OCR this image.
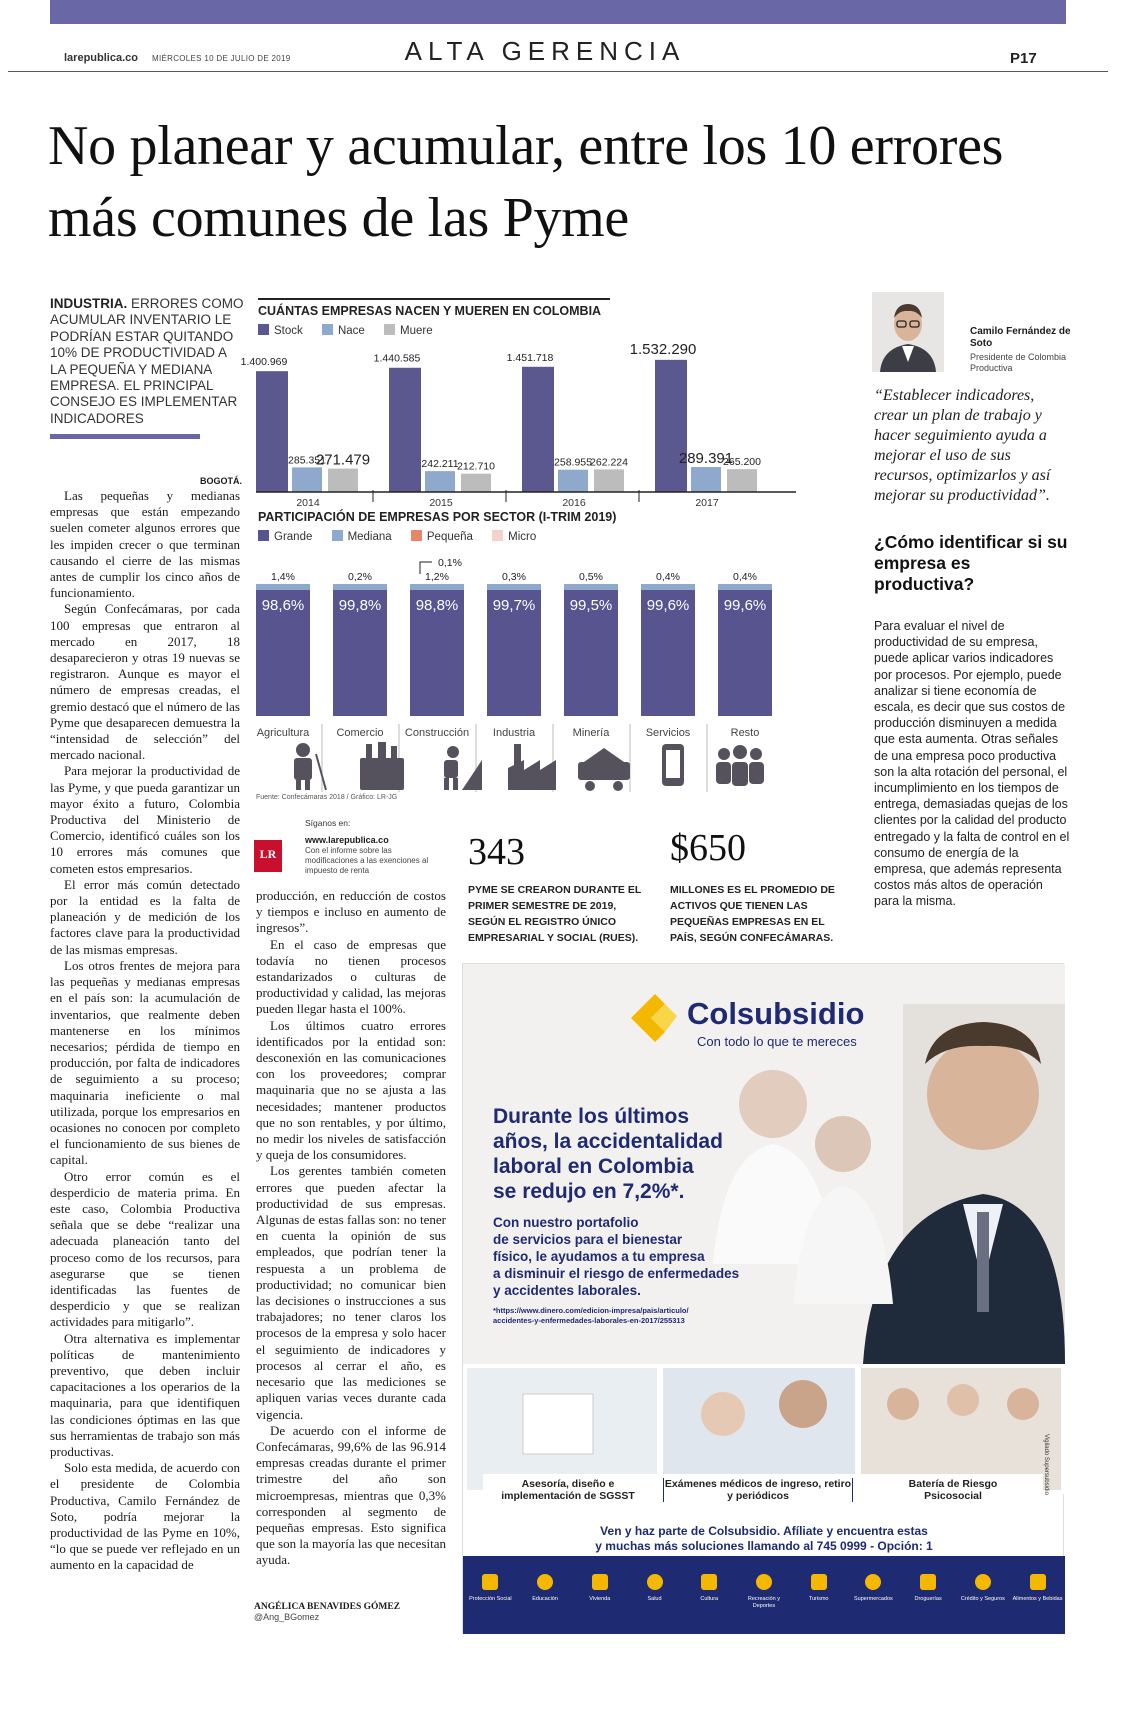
larepublica.co MIÉRCOLES 10 DE JULIO DE 2019	ALTA GERENCIA	P17
No planear y acumular, entre los 10 errores más comunes de las Pyme
INDUSTRIA. ERRORES COMO ACUMULAR INVENTARIO LE PODRÍAN ESTAR QUITANDO 10% DE PRODUCTIVIDAD A LA PEQUEÑA Y MEDIANA EMPRESA. EL PRINCIPAL CONSEJO ES IMPLEMENTAR INDICADORES
BOGOTÁ.

Las pequeñas y medianas empresas que están empezando suelen cometer algunos errores que les impiden crecer o que terminan causando el cierre de las mismas antes de cumplir los cinco años de funcionamiento.

Según Confecámaras, por cada 100 empresas que entraron al mercado en 2017, 18 desaparecieron y otras 19 nuevas se registraron. Aunque es mayor el número de empresas creadas, el gremio destacó que el número de las Pyme que desaparecen demuestra la “intensidad de selección” del mercado nacional.

Para mejorar la productividad de las Pyme, y que pueda garantizar un mayor éxito a futuro, Colombia Productiva del Ministerio de Comercio, identificó cuáles son los 10 errores más comunes que cometen estos empresarios.

El error más común detectado por la entidad es la falta de planeación y de medición de los factores clave para la productividad de las mismas empresas.

Los otros frentes de mejora para las pequeñas y medianas empresas en el país son: la acumulación de inventarios, que realmente deben mantenerse en los mínimos necesarios; pérdida de tiempo en producción, por falta de indicadores de seguimiento a su proceso; maquinaria ineficiente o mal utilizada, porque los empresarios en ocasiones no conocen por completo el funcionamiento de sus bienes de capital.

Otro error común es el desperdicio de materia prima. En este caso, Colombia Productiva señala que se debe “realizar una adecuada planeación tanto del proceso como de los recursos, para asegurarse que se tienen identificadas las fuentes de desperdicio y que se realizan actividades para mitigarlo”.

Otra alternativa es implementar políticas de mantenimiento preventivo, que deben incluir capacitaciones a los operarios de la maquinaria, para que identifiquen las condiciones óptimas en las que sus herramientas de trabajo son más productivas.

Solo esta medida, de acuerdo con el presidente de Colombia Productiva, Camilo Fernández de Soto, podría mejorar la productividad de las Pyme en 10%, “lo que se puede ver reflejado en un aumento en la capacidad de

LR
Síganos en:
www.larepublica.co
Con el informe sobre las modificaciones a las exenciones al impuesto de renta

producción, en reducción de costos y tiempos e incluso en aumento de ingresos”.

En el caso de empresas que todavía no tienen procesos estandarizados o culturas de productividad y calidad, las mejoras pueden llegar hasta el 100%.

Los últimos cuatro errores identificados por la entidad son: desconexión en las comunicaciones con los proveedores; comprar maquinaria que no se ajusta a las necesidades; mantener productos que no son rentables, y por último, no medir los niveles de satisfacción y queja de los consumidores.

Los gerentes también cometen errores que pueden afectar la productividad de sus empresas. Algunas de estas fallas son: no tener en cuenta la opinión de sus empleados, que podrían tener la respuesta a un problema de productividad; no comunicar bien las decisiones o instrucciones a sus trabajadores; no tener claros los procesos de la empresa y solo hacer el seguimiento de indicadores y procesos al cerrar el año, es necesario que las mediciones se apliquen varias veces durante cada vigencia.

De acuerdo con el informe de Confecámaras, 99,6% de las 96.914 empresas creadas durante el primer trimestre del año son microempresas, mientras que 0,3% corresponden al segmento de pequeñas empresas. Esto significa que son la mayoría las que necesitan ayuda.

ANGÉLICA BENAVIDES GÓMEZ
@Ang_BGomez
CUÁNTAS EMPRESAS NACEN Y MUEREN EN COLOMBIA
Stock	Nace	Muere
1.400.969
285.351
271.479
2014
1.440.585
242.211
212.710
2015
1.451.718
258.955
262.224
2016
1.532.290
289.391
265.200
2017
PARTICIPACIÓN DE EMPRESAS POR SECTOR (I-TRIM 2019)
Grande	Mediana	Pequeña	Micro
98,6%
1,4%
Agricultura
99,8%
0,2%
Comercio
98,8%
1,2%
Construcción
99,7%
0,3%
Industria
99,5%
0,5%
Minería
99,6%
0,4%
Servicios
99,6%
0,4%
Resto
0,1%
Fuente: Confecámaras 2018 / Gráfico: LR-JG
343
PYME SE CREARON DURANTE EL PRIMER SEMESTRE DE 2019, SEGÚN EL REGISTRO ÚNICO EMPRESARIAL Y SOCIAL (RUES).
$650
MILLONES ES EL PROMEDIO DE ACTIVOS QUE TIENEN LAS PEQUEÑAS EMPRESAS EN EL PAÍS, SEGÚN CONFECÁMARAS.
Camilo Fernández de Soto
Presidente de Colombia Productiva
“Establecer indicadores, crear un plan de trabajo y hacer seguimiento ayuda a mejorar el uso de sus recursos, optimizarlos y así mejorar su productividad”.
¿Cómo identificar si su empresa es productiva?
Para evaluar el nivel de productividad de su empresa, puede aplicar varios indicadores por procesos. Por ejemplo, puede analizar si tiene economía de escala, es decir que sus costos de producción disminuyen a medida que esta aumenta. Otras señales de una empresa poco productiva son la alta rotación del personal, el incumplimiento en los tiempos de entrega, demasiadas quejas de los clientes por la calidad del producto entregado y la falta de control en el consumo de energía de la empresa, que además representa costos más altos de operación para la misma.
Colsubsidio
Con todo lo que te mereces
Durante los últimos
años, la accidentalidad
laboral en Colombia
se redujo en 7,2%*.
Con nuestro portafolio
de servicios para el bienestar
físico, le ayudamos a tu empresa
a disminuir el riesgo de enfermedades
y accidentes laborales.
*https://www.dinero.com/edicion-impresa/pais/articulo/
accidentes-y-enfermedades-laborales-en-2017/255313
Asesoría, diseño e implementación de SGSST
Exámenes médicos de ingreso, retiro y periódicos
Batería de Riesgo Psicosocial
Ven y haz parte de Colsubsidio. Afíliate y encuentra estas
y muchas más soluciones llamando al 745 0999 - Opción: 1
Vigilado Supersubsidio
Protección Social	Educación	Vivienda	Salud	Cultura	Recreación y Deportes
Turismo	Supermercados	Droguerías	Crédito y Seguros	Alimentos y Bebidas
